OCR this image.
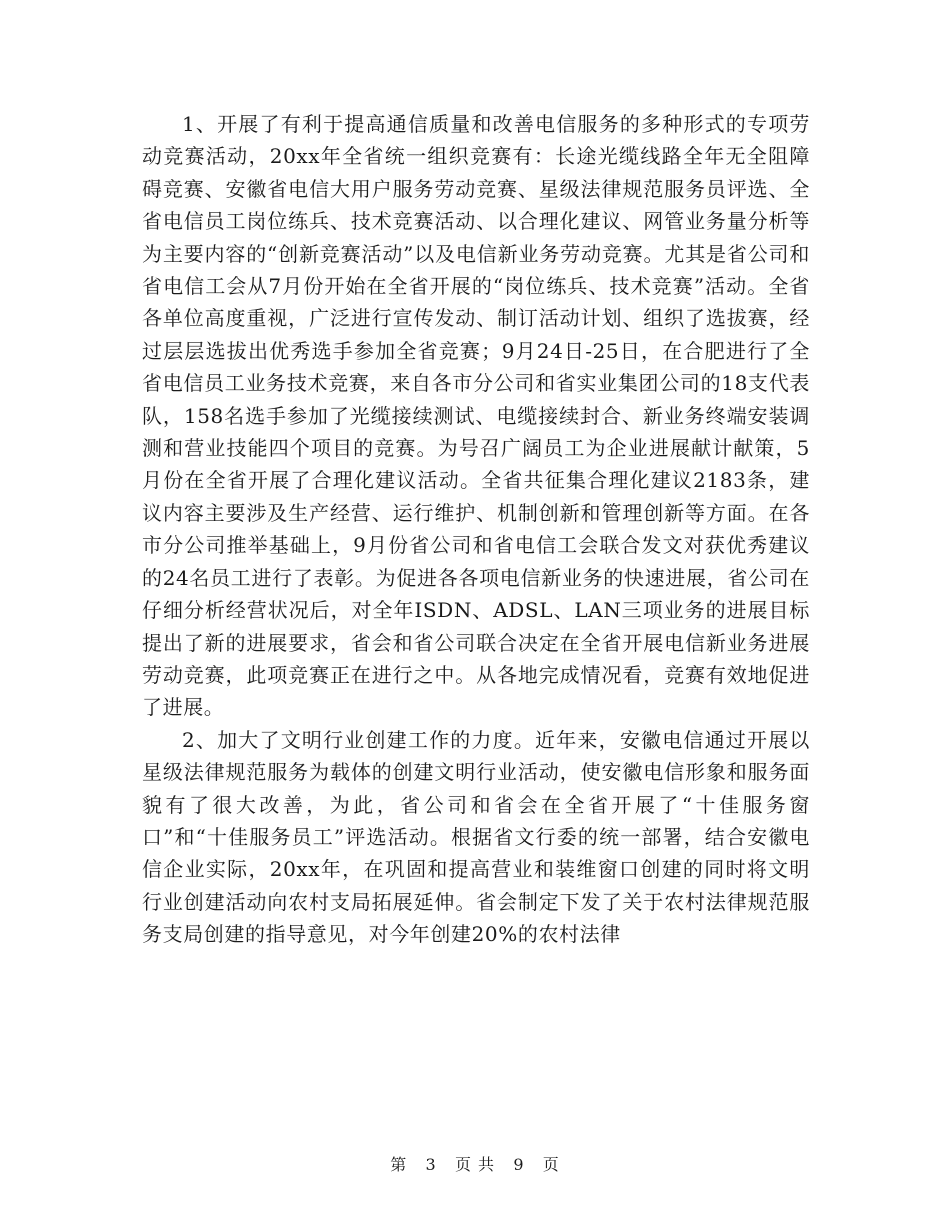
1、开展了有利于提高通信质量和改善电信服务的多种形式的专项劳动竞赛活动，20xx年全省统一组织竞赛有：长途光缆线路全年无全阻障碍竞赛、安徽省电信大用户服务劳动竞赛、星级法律规范服务员评选、全省电信员工岗位练兵、技术竞赛活动、以合理化建议、网管业务量分析等为主要内容的“创新竞赛活动”以及电信新业务劳动竞赛。尤其是省公司和省电信工会从7月份开始在全省开展的“岗位练兵、技术竞赛”活动。全省各单位高度重视，广泛进行宣传发动、制订活动计划、组织了选拔赛，经过层层选拔出优秀选手参加全省竞赛；9月24日-25日，在合肥进行了全省电信员工业务技术竞赛，来自各市分公司和省实业集团公司的18支代表队，158名选手参加了光缆接续测试、电缆接续封合、新业务终端安装调测和营业技能四个项目的竞赛。为号召广阔员工为企业进展献计献策，5月份在全省开展了合理化建议活动。全省共征集合理化建议2183条，建议内容主要涉及生产经营、运行维护、机制创新和管理创新等方面。在各市分公司推举基础上，9月份省公司和省电信工会联合发文对获优秀建议的24名员工进行了表彰。为促进各各项电信新业务的快速进展，省公司在仔细分析经营状况后，对全年ISDN、ADSL、LAN三项业务的进展目标提出了新的进展要求，省会和省公司联合决定在全省开展电信新业务进展劳动竞赛，此项竞赛正在进行之中。从各地完成情况看，竞赛有效地促进了进展。

2、加大了文明行业创建工作的力度。近年来，安徽电信通过开展以星级法律规范服务为载体的创建文明行业活动，使安徽电信形象和服务面貌有了很大改善，为此，省公司和省会在全省开展了“十佳服务窗口”和“十佳服务员工”评选活动。根据省文行委的统一部署，结合安徽电信企业实际，20xx年，在巩固和提高营业和装维窗口创建的同时将文明行业创建活动向农村支局拓展延伸。省会制定下发了关于农村法律规范服务支局创建的指导意见，对今年创建20%的农村法律

第 3 页 共 9 页
